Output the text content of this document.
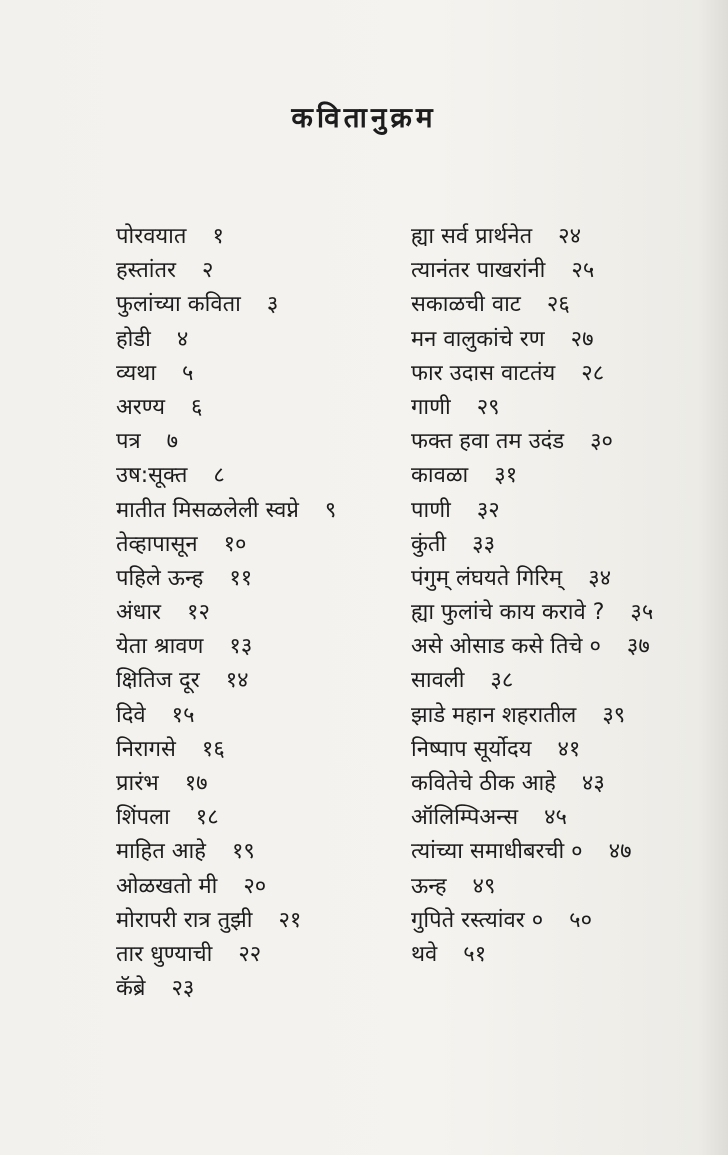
कवितानुक्रम
पोरवयात १
हस्तांतर २
फुलांच्या कविता ३
होडी ४
व्यथा ५
अरण्य ६
पत्र ७
उष:सूक्त ८
मातीत मिसळलेली स्वप्ने ९
तेव्हापासून १०
पहिले ऊन्ह ११
अंधार १२
येता श्रावण १३
क्षितिज दूर १४
दिवे १५
निरागसे १६
प्रारंभ १७
शिंपला १८
माहित आहे १९
ओळखतो मी २०
मोरापरी रात्र तुझी २१
तार धुण्याची २२
कॅब्रे २३
ह्या सर्व प्रार्थनेत २४
त्यानंतर पाखरांनी २५
सकाळची वाट २६
मन वालुकांचे रण २७
फार उदास वाटतंय २८
गाणी २९
फक्त हवा तम उदंड ३०
कावळा ३१
पाणी ३२
कुंती ३३
पंगुम् लंघयते गिरिम् ३४
ह्या फुलांचे काय करावे ? ३५
असे ओसाड कसे तिचे ० ३७
सावली ३८
झाडे महान शहरातील ३९
निष्पाप सूर्योदय ४१
कवितेचे ठीक आहे ४३
ऑलिम्पिअन्स ४५
त्यांच्या समाधीबरची ० ४७
ऊन्ह ४९
गुपिते रस्त्यांवर ० ५०
थवे ५१
